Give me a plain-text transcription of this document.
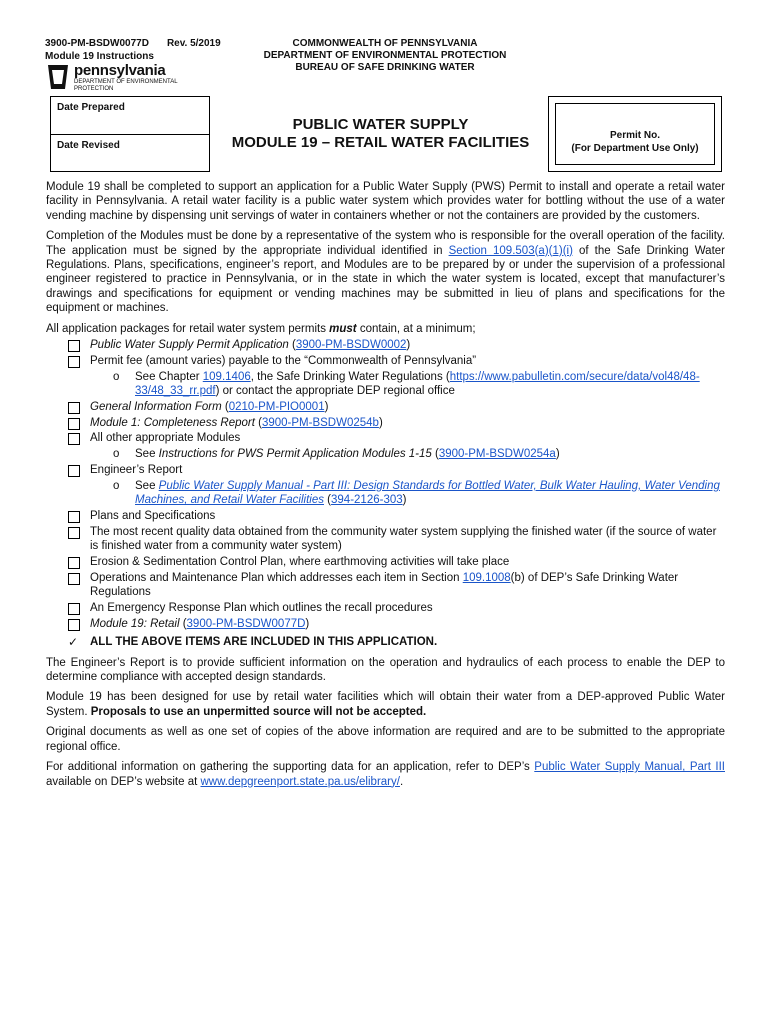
3900-PM-BSDW0077D Rev. 5/2019
Module 19 Instructions
pennsylvania
DEPARTMENT OF ENVIRONMENTAL PROTECTION
COMMONWEALTH OF PENNSYLVANIA
DEPARTMENT OF ENVIRONMENTAL PROTECTION
BUREAU OF SAFE DRINKING WATER
Date Prepared
Date Revised
PUBLIC WATER SUPPLY
MODULE 19 – RETAIL WATER FACILITIES	Permit No.
(For Department Use Only)

Module 19 shall be completed to support an application for a Public Water Supply (PWS) Permit to install and operate a retail water facility in Pennsylvania. A retail water facility is a public water system which provides water for bottling without the use of a water vending machine by dispensing unit servings of water in containers whether or not the containers are provided by the customers.

Completion of the Modules must be done by a representative of the system who is responsible for the overall operation of the facility. The application must be signed by the appropriate individual identified in Section 109.503(a)(1)(i) of the Safe Drinking Water Regulations. Plans, specifications, engineer’s report, and Modules are to be prepared by or under the supervision of a professional engineer registered to practice in Pennsylvania, or in the state in which the water system is located, except that manufacturer’s drawings and specifications for equipment or vending machines may be submitted in lieu of plans and specifications for the equipment or machines.

All application packages for retail water system permits must contain, at a minimum;

Public Water Supply Permit Application (3900-PM-BSDW0002)
Permit fee (amount varies) payable to the “Commonwealth of Pennsylvania”
o See Chapter 109.1406, the Safe Drinking Water Regulations (https://www.pabulletin.com/secure/data/vol48/48-33/48_33_rr.pdf) or contact the appropriate DEP regional office
General Information Form (0210-PM-PIO0001)
Module 1: Completeness Report (3900-PM-BSDW0254b)
All other appropriate Modules
o See Instructions for PWS Permit Application Modules 1-15 (3900-PM-BSDW0254a)
Engineer’s Report
o See Public Water Supply Manual - Part III: Design Standards for Bottled Water, Bulk Water Hauling, Water Vending Machines, and Retail Water Facilities (394-2126-303)
Plans and Specifications
The most recent quality data obtained from the community water system supplying the finished water (if the source of water is finished water from a community water system)
Erosion & Sedimentation Control Plan, where earthmoving activities will take place
Operations and Maintenance Plan which addresses each item in Section 109.1008(b) of DEP’s Safe Drinking Water Regulations
An Emergency Response Plan which outlines the recall procedures
Module 19: Retail (3900-PM-BSDW0077D)
✓ ALL THE ABOVE ITEMS ARE INCLUDED IN THIS APPLICATION.

The Engineer’s Report is to provide sufficient information on the operation and hydraulics of each process to enable the DEP to determine compliance with accepted design standards.

Module 19 has been designed for use by retail water facilities which will obtain their water from a DEP-approved Public Water System. Proposals to use an unpermitted source will not be accepted.

Original documents as well as one set of copies of the above information are required and are to be submitted to the appropriate regional office.

For additional information on gathering the supporting data for an application, refer to DEP’s Public Water Supply Manual, Part III available on DEP’s website at www.depgreenport.state.pa.us/elibrary/.
